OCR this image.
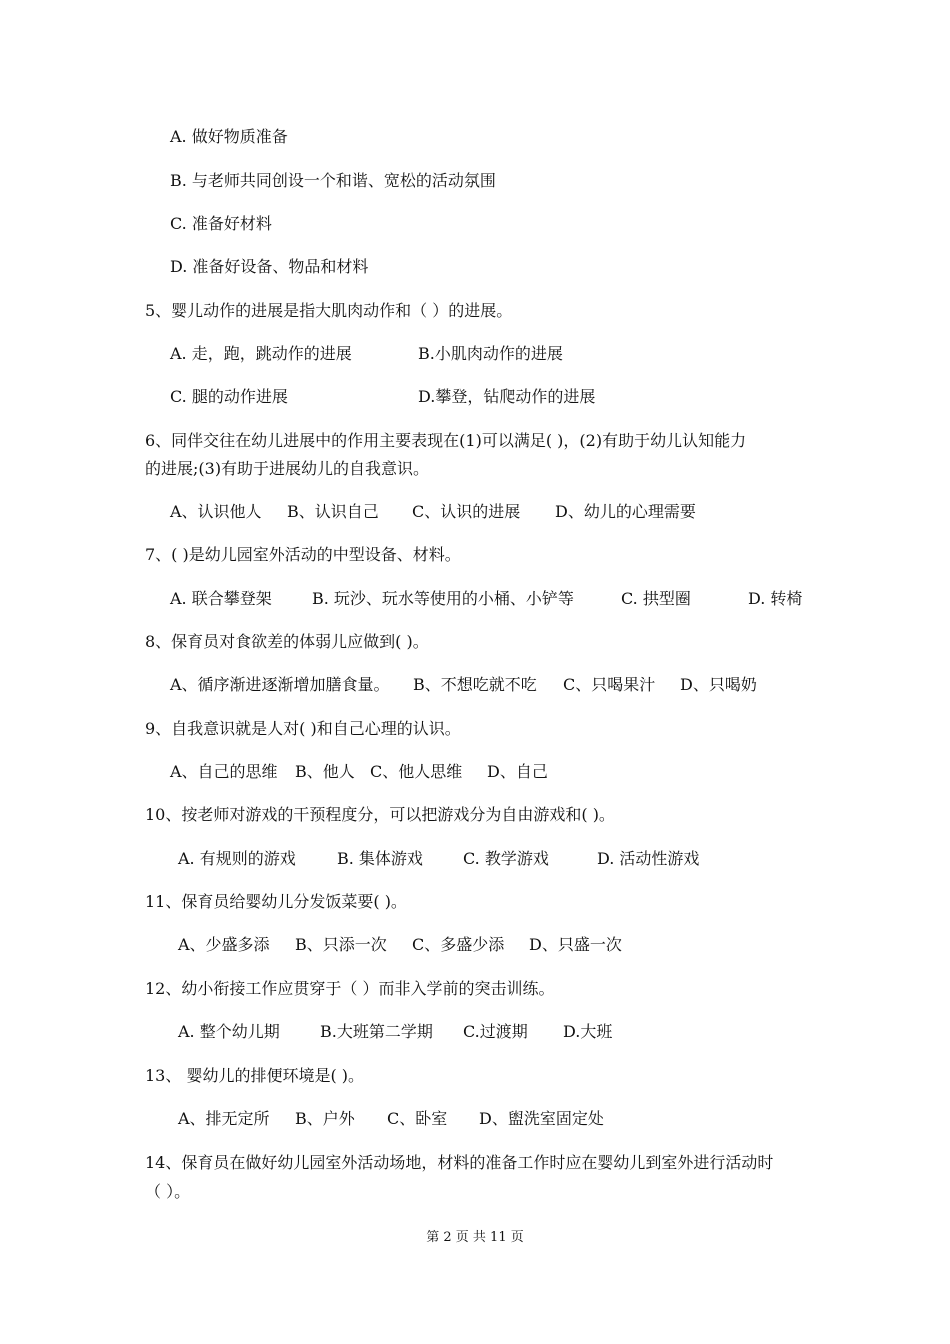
A. 做好物质准备
B. 与老师共同创设一个和谐、宽松的活动氛围
C. 准备好材料
D. 准备好设备、物品和材料
5、婴儿动作的进展是指大肌肉动作和（ ）的进展。
A. 走，跑，跳动作的进展	B.小肌肉动作的进展
C. 腿的动作进展	D.攀登，钻爬动作的进展
6、同伴交往在幼儿进展中的作用主要表现在(1)可以满足( )，(2)有助于幼儿认知能力
的进展;(3)有助于进展幼儿的自我意识。
A、认识他人 B、认识自己 C、认识的进展 D、幼儿的心理需要
7、( )是幼儿园室外活动的中型设备、材料。
A. 联合攀登架	B. 玩沙、玩水等使用的小桶、小铲等	C. 拱型圈	D. 转椅
8、保育员对食欲差的体弱儿应做到( )。
A、循序渐进逐渐增加膳食量。 B、不想吃就不吃 C、只喝果汁 D、只喝奶
9、自我意识就是人对( )和自己心理的认识。
A、自己的思维 B、他人 C、他人思维 D、自己
10、按老师对游戏的干预程度分，可以把游戏分为自由游戏和( )。
A. 有规则的游戏	B. 集体游戏	C. 教学游戏	D. 活动性游戏
11、保育员给婴幼儿分发饭菜要( )。
A、少盛多添 B、只添一次 C、多盛少添 D、只盛一次
12、幼小衔接工作应贯穿于（ ）而非入学前的突击训练。
A. 整个幼儿期	B.大班第二学期 C.过渡期 D.大班
13、 婴幼儿的排便环境是( )。
A、排无定所 B、户外 C、卧室 D、盥洗室固定处
14、保育员在做好幼儿园室外活动场地，材料的准备工作时应在婴幼儿到室外进行活动时
（ ）。
第 2 页 共 11 页
